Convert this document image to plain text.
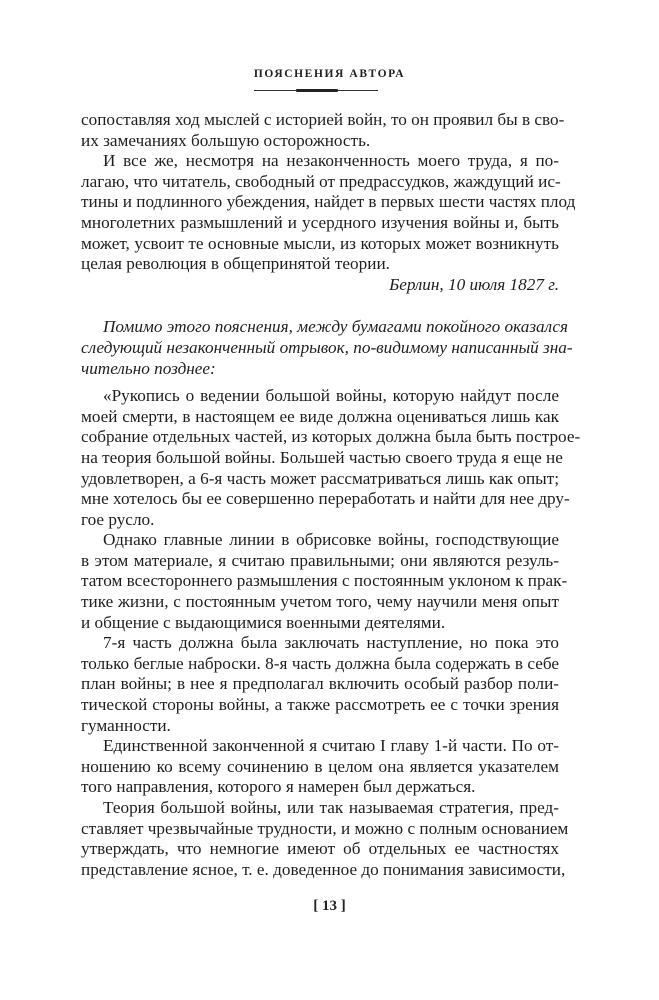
ПОЯСНЕНИЯ АВТОРА
сопоставляя ход мыслей с историей войн, то он проявил бы в сво-
их замечаниях большую осторожность.
И все же, несмотря на незаконченность моего труда, я по-
лагаю, что читатель, свободный от предрассудков, жаждущий ис-
тины и подлинного убеждения, найдет в первых шести частях плод
многолетних размышлений и усердного изучения войны и, быть
может, усвоит те основные мысли, из которых может возникнуть
целая революция в общепринятой теории.
Берлин, 10 июля 1827 г.
Помимо этого пояснения, между бумагами покойного оказался
следующий незаконченный отрывок, по-видимому написанный зна-
чительно позднее:
«Рукопись о ведении большой войны, которую найдут после
моей смерти, в настоящем ее виде должна оцениваться лишь как
собрание отдельных частей, из которых должна была быть построе-
на теория большой войны. Большей частью своего труда я еще не
удовлетворен, а 6-я часть может рассматриваться лишь как опыт;
мне хотелось бы ее совершенно переработать и найти для нее дру-
гое русло.
Однако главные линии в обрисовке войны, господствующие
в этом материале, я считаю правильными; они являются резуль-
татом всестороннего размышления с постоянным уклоном к прак-
тике жизни, с постоянным учетом того, чему научили меня опыт
и общение с выдающимися военными деятелями.
7-я часть должна была заключать наступление, но пока это
только беглые наброски. 8-я часть должна была содержать в себе
план войны; в нее я предполагал включить особый разбор поли-
тической стороны войны, а также рассмотреть ее с точки зрения
гуманности.
Единственной законченной я считаю I главу 1-й части. По от-
ношению ко всему сочинению в целом она является указателем
того направления, которого я намерен был держаться.
Теория большой войны, или так называемая стратегия, пред-
ставляет чрезвычайные трудности, и можно с полным основанием
утверждать, что немногие имеют об отдельных ее частностях
представление ясное, т. е. доведенное до понимания зависимости,
[ 13 ]
